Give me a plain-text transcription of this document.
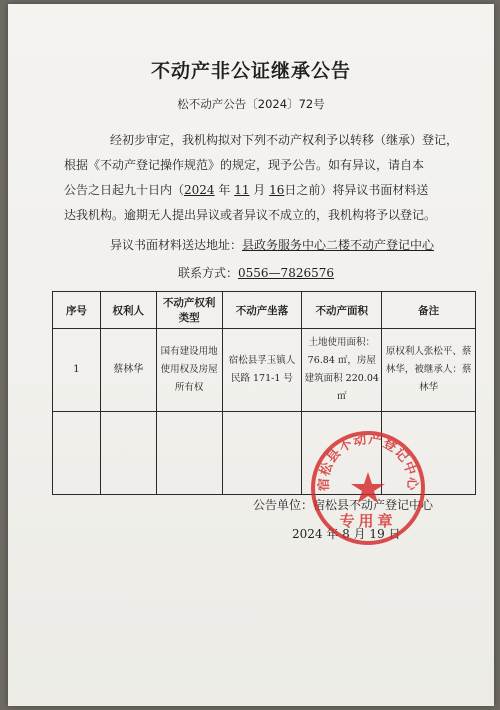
不动产非公证继承公告
松不动产公告〔2024〕72号
经初步审定，我机构拟对下列不动产权利予以转移（继承）登记，
根据《不动产登记操作规范》的规定，现予公告。如有异议，请自本
公告之日起九十日内（2024 年 11 月 16日之前）将异议书面材料送
达我机构。逾期无人提出异议或者异议不成立的，我机构将予以登记。
异议书面材料送达地址：县政务服务中心二楼不动产登记中心
联系方式：0556—7826576
序号	权利人	不动产权利类型	不动产坐落	不动产面积	备注
1	蔡林华	国有建设用地使用权及房屋所有权	宿松县孚玉镇人民路 171-1 号	土地使用面积：76.84 ㎡，房屋建筑面积 220.04 ㎡	原权利人张松平、蔡林华，被继承人：蔡林华

公告单位：宿松县不动产登记中心
2024 年 8 月 19 日
宿松县不动产登记中心
专用章
